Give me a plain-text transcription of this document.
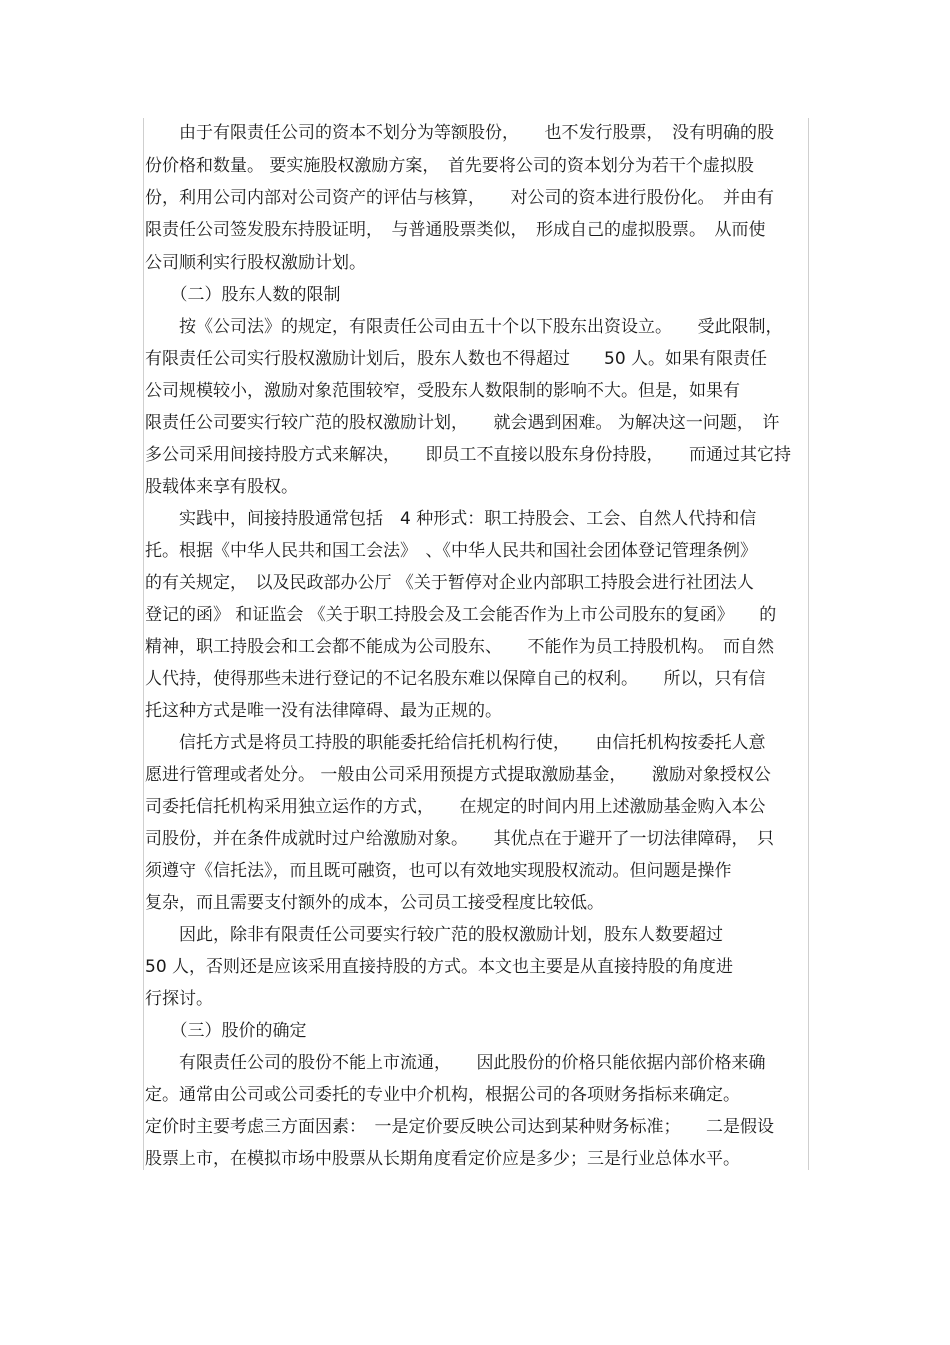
　　由于有限责任公司的资本不划分为等额股份，　　也不发行股票，　没有明确的股
份价格和数量。 要实施股权激励方案，　首先要将公司的资本划分为若干个虚拟股
份，利用公司内部对公司资产的评估与核算，　　对公司的资本进行股份化。　并由有
限责任公司签发股东持股证明，　与普通股票类似，　形成自己的虚拟股票。　从而使
公司顺利实行股权激励计划。
　　（二）股东人数的限制
　　按《公司法》的规定，有限责任公司由五十个以下股东出资设立。　　受此限制，
有限责任公司实行股权激励计划后，股东人数也不得超过　　50 人。如果有限责任
公司规模较小，激励对象范围较窄，受股东人数限制的影响不大。但是，如果有
限责任公司要实行较广范的股权激励计划，　　就会遇到困难。 为解决这一问题，　许
多公司采用间接持股方式来解决，　　即员工不直接以股东身份持股，　　而通过其它持
股载体来享有股权。
　　实践中，间接持股通常包括　4 种形式：职工持股会、工会、自然人代持和信
托。根据《中华人民共和国工会法》　、《中华人民共和国社会团体登记管理条例》
的有关规定，　以及民政部办公厅 《关于暂停对企业内部职工持股会进行社团法人
登记的函》 和证监会 《关于职工持股会及工会能否作为上市公司股东的复函》　　的
精神，职工持股会和工会都不能成为公司股东、　　不能作为员工持股机构。　而自然
人代持，使得那些未进行登记的不记名股东难以保障自己的权利。　　所以，只有信
托这种方式是唯一没有法律障碍、最为正规的。
　　信托方式是将员工持股的职能委托给信托机构行使，　　由信托机构按委托人意
愿进行管理或者处分。 一般由公司采用预提方式提取激励基金，　　激励对象授权公
司委托信托机构采用独立运作的方式，　　在规定的时间内用上述激励基金购入本公
司股份，并在条件成就时过户给激励对象。　　其优点在于避开了一切法律障碍，　只
须遵守《信托法》，而且既可融资，也可以有效地实现股权流动。但问题是操作
复杂，而且需要支付额外的成本，公司员工接受程度比较低。
　　因此，除非有限责任公司要实行较广范的股权激励计划，股东人数要超过
50 人，否则还是应该采用直接持股的方式。本文也主要是从直接持股的角度进
行探讨。
　　（三）股价的确定
　　有限责任公司的股份不能上市流通，　　因此股份的价格只能依据内部价格来确
定。通常由公司或公司委托的专业中介机构，根据公司的各项财务指标来确定。
定价时主要考虑三方面因素：　一是定价要反映公司达到某种财务标准；　　二是假设
股票上市，在模拟市场中股票从长期角度看定价应是多少；三是行业总体水平。
